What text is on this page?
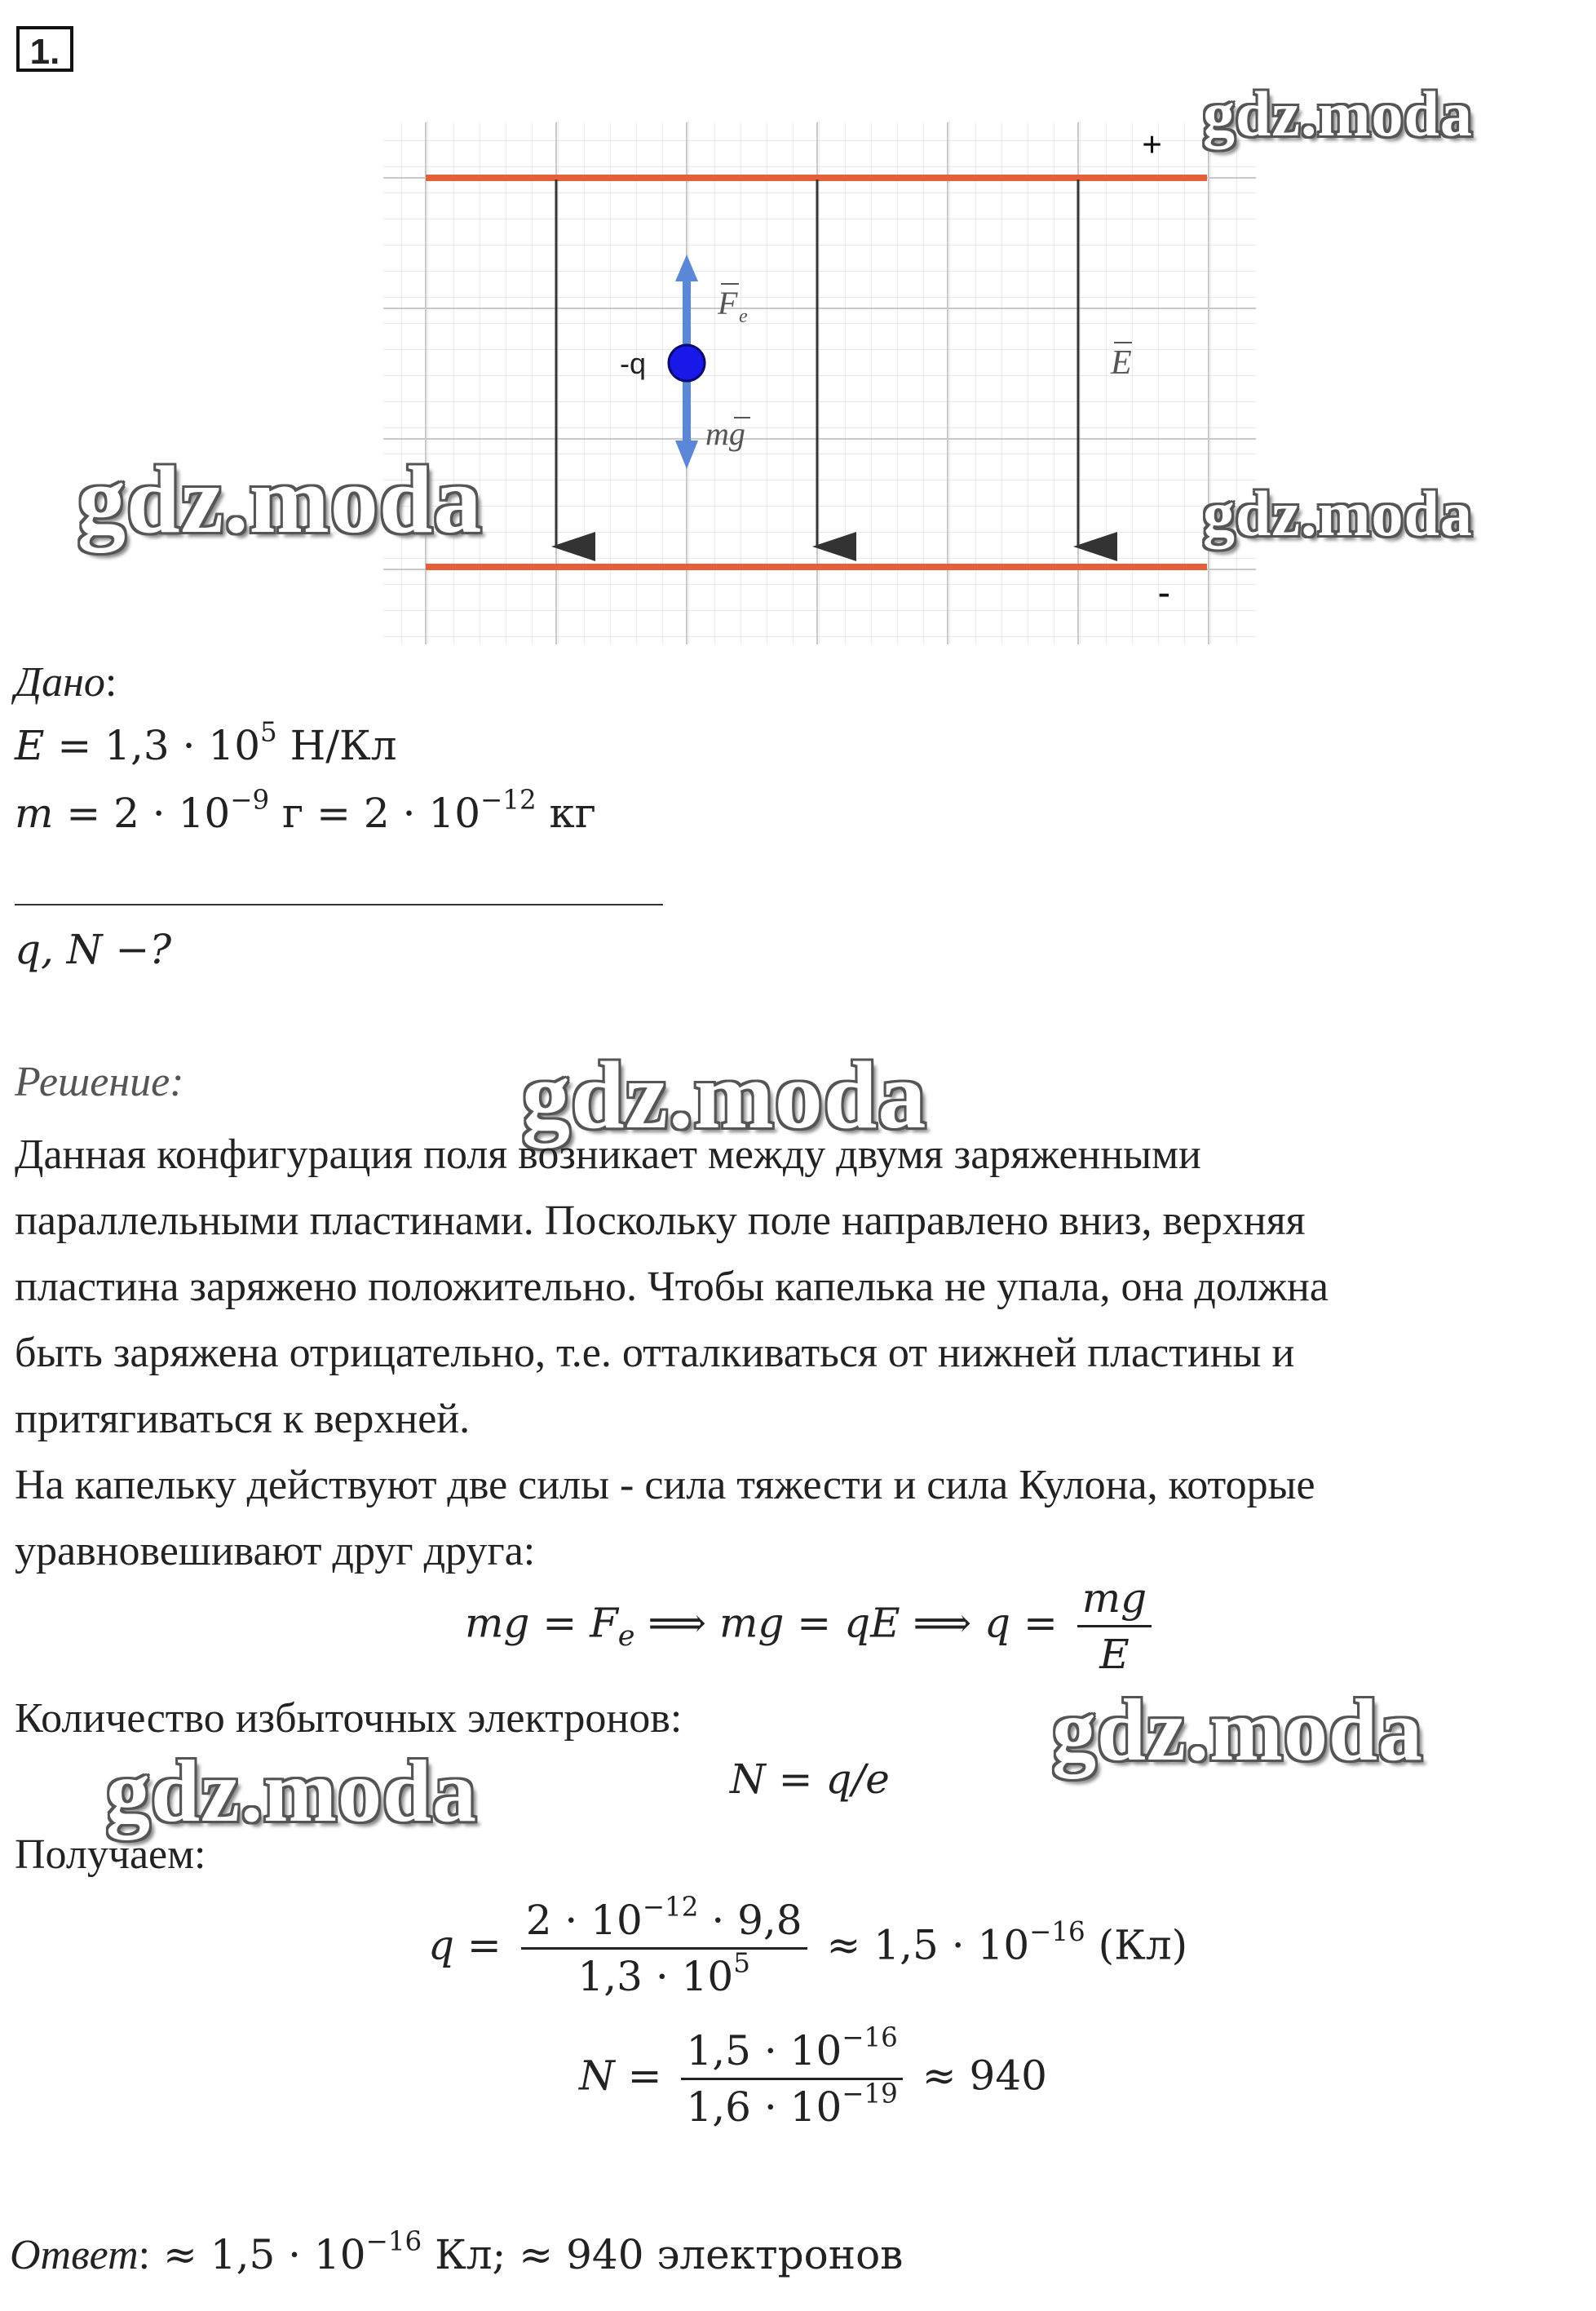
1.
+
-
-q
F e
mg
E
gdz.moda
gdz.moda	gdz.moda
gdz.moda
gdz.moda
gdz.moda
Дано:
$E = 1,3 \cdot 10^5$ Н/Кл
$m = 2 \cdot 10^{-9}$ $г = 2 \cdot 10^{-12}$ кг
q, N −?
Решение:
Данная конфигурация поля возникает между двумя заряженными
параллельными пластинами. Поскольку поле направлено вниз, верхняя
пластина заряжено положительно. Чтобы капелька не упала, она должна
быть заряжена отрицательно, т.е. отталкиваться от нижней пластины и
притягиваться к верхней.
На капельку действуют две силы - сила тяжести и сила Кулона, которые
уравновешивают друг друга:
mg = $F_e$ ⟹ mg = qE ⟹ $q = \frac{mg}{E}$
Количество избыточных электронов:
N = q/e
Получаем:
$q = \frac{2 \cdot 10^{-12} \cdot 9,8}{1,3 \cdot 10^5} \approx 1,5 \cdot 10^{-16}$ (Кл)
$N = \frac{1,5 \cdot 10^{-16}}{1,6 \cdot 10^{-19}} \approx 940$
Ответ: ≈ $1,5 \cdot 10^{-16}$ Кл; ≈ 940 электронов
